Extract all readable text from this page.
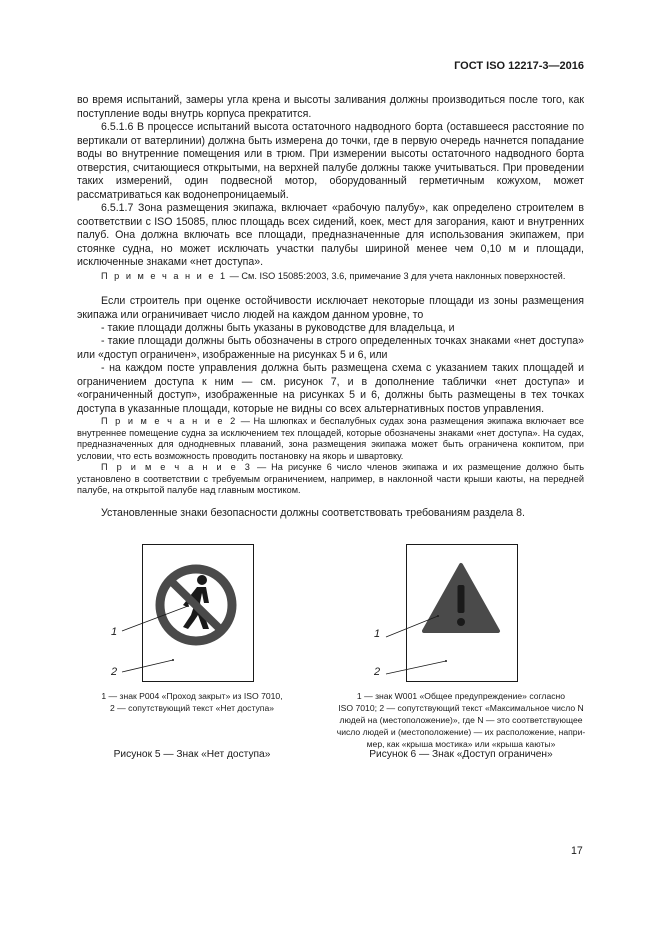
ГОСТ ISO 12217-3—2016
во время испытаний, замеры угла крена и высоты заливания должны производиться после того, как поступление воды внутрь корпуса прекратится.
6.5.1.6 В процессе испытаний высота остаточного надводного борта (оставшееся расстояние по вертикали от ватерлинии) должна быть измерена до точки, где в первую очередь начнется попадание воды во внутренние помещения или в трюм. При измерении высоты остаточного надводного борта отверстия, считающиеся открытыми, на верхней палубе должны также учитываться. При проведении таких измерений, один подвесной мотор, оборудованный герметичным кожухом, может рассматриваться как водонепроницаемый.
6.5.1.7 Зона размещения экипажа, включает «рабочую палубу», как определено строителем в соответствии с ISO 15085, плюс площадь всех сидений, коек, мест для загорания, кают и внутренних палуб. Она должна включать все площади, предназначенные для использования экипажем, при стоянке судна, но может исключать участки палубы шириной менее чем 0,10 м и площади, исключенные знаками «нет доступа».
П р и м е ч а н и е 1 — См. ISO 15085:2003, 3.6, примечание 3 для учета наклонных поверхностей.
Если строитель при оценке остойчивости исключает некоторые площади из зоны размещения экипажа или ограничивает число людей на каждом данном уровне, то
- такие площади должны быть указаны в руководстве для владельца, и
- такие площади должны быть обозначены в строго определенных точках знаками «нет доступа» или «доступ ограничен», изображенные на рисунках 5 и 6, или
- на каждом посте управления должна быть размещена схема с указанием таких площадей и ограничением доступа к ним — см. рисунок 7, и в дополнение таблички «нет доступа» и «ограниченный доступ», изображенные на рисунках 5 и 6, должны быть размещены в тех точках доступа в указанные площади, которые не видны со всех альтернативных постов управления.
П р и м е ч а н и е 2 — На шлюпках и беспалубных судах зона размещения экипажа включает все внутреннее помещение судна за исключением тех площадей, которые обозначены знаками «нет доступа». На судах, предназначенных для однодневных плаваний, зона размещения экипажа может быть ограничена кокпитом, при условии, что есть возможность проводить постановку на якорь и швартовку.
П р и м е ч а н и е 3 — На рисунке 6 число членов экипажа и их размещение должно быть установлено в соответствии с требуемым ограничением, например, в наклонной части крыши каюты, на передней палубе, на открытой палубе над главным мостиком.
Установленные знаки безопасности должны соответствовать требованиям раздела 8.
1
2
1
2
1 — знак Р004 «Проход закрыт» из ISO 7010,
2 — сопутствующий текст «Нет доступа»
Рисунок 5 — Знак «Нет доступа»
1 — знак W001 «Общее предупреждение» согласно
ISO 7010; 2 — сопутствующий текст «Максимальное число N
людей на (местоположение)», где N — это соответствующее
число людей и (местоположение) — их расположение, напри-
мер, как «крыша мостика» или «крыша каюты»
Рисунок 6 — Знак «Доступ ограничен»
17
